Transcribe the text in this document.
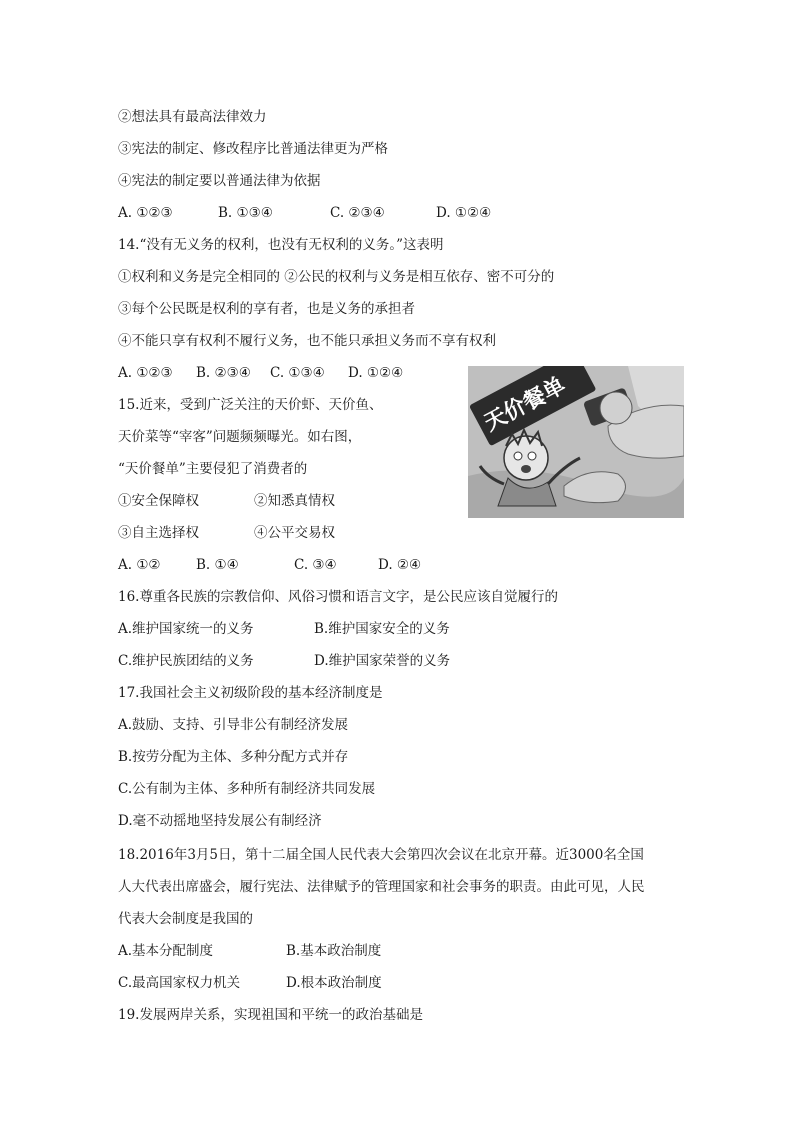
②想法具有最高法律效力
③宪法的制定、修改程序比普通法律更为严格
④宪法的制定要以普通法律为依据
A. ①②③	B. ①③④	C. ②③④	D. ①②④
14.“没有无义务的权利，也没有无权利的义务。”这表明
①权利和义务是完全相同的 ②公民的权利与义务是相互依存、密不可分的
③每个公民既是权利的享有者，也是义务的承担者
④不能只享有权利不履行义务，也不能只承担义务而不享有权利
A. ①②③ B. ②③④ C. ①③④ D. ①②④
15.近来，受到广泛关注的天价虾、天价鱼、
天价菜等“宰客”问题频频曝光。如右图，
“天价餐单”主要侵犯了消费者的
①安全保障权	②知悉真情权
③自主选择权	④公平交易权
A. ①②	B. ①④	C. ③④	D. ②④
16.尊重各民族的宗教信仰、风俗习惯和语言文字，是公民应该自觉履行的
A.维护国家统一的义务	B.维护国家安全的义务
C.维护民族团结的义务	D.维护国家荣誉的义务
17.我国社会主义初级阶段的基本经济制度是
A.鼓励、支持、引导非公有制经济发展
B.按劳分配为主体、多种分配方式并存
C.公有制为主体、多种所有制经济共同发展
D.毫不动摇地坚持发展公有制经济
18.2016年3月5日，第十二届全国人民代表大会第四次会议在北京开幕。近3000名全国
人大代表出席盛会，履行宪法、法律赋予的管理国家和社会事务的职责。由此可见，人民
代表大会制度是我国的
A.基本分配制度	B.基本政治制度
C.最高国家权力机关	D.根本政治制度
19.发展两岸关系，实现祖国和平统一的政治基础是
天价餐单
